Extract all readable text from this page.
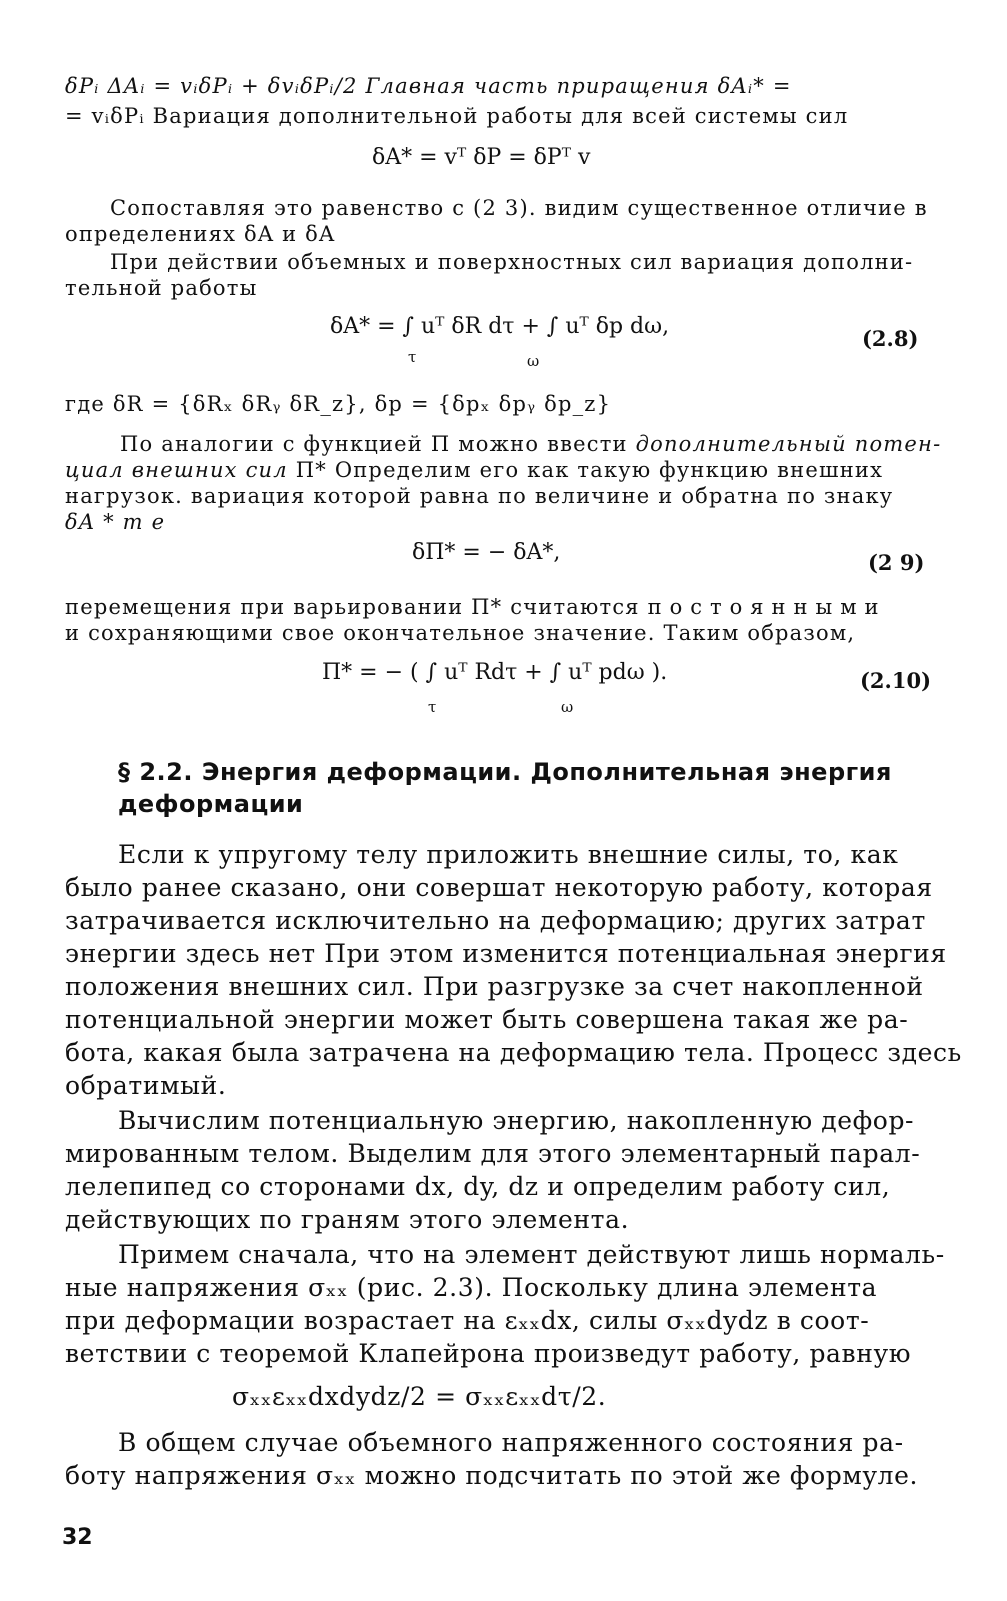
δPᵢ ΔAᵢ = vᵢδPᵢ + δvᵢδPᵢ/2 Главная часть приращения δAᵢ* =
= vᵢδPᵢ Вариация дополнительной работы для всей системы сил
δA* = vᵀ δP = δPᵀ v
Сопоставляя это равенство с (2 3). видим существенное отличие в
определениях δA и δA
При действии объемных и поверхностных сил вариация дополни-
тельной работы
δA* = ∫ uᵀ δR dτ + ∫ uᵀ δp dω,
τ	ω
(2.8)
где δR = {δRₓ δRᵧ δR_z}, δp = {δpₓ δpᵧ δp_z}
По аналогии с функцией П можно ввести дополнительный потен-
циал внешних сил П* Определим его как такую функцию внешних
нагрузок. вариация которой равна по величине и обратна по знаку
δA * т е
δП* = − δA*,	(2 9)
перемещения при варьировании П* считаются постоянными
и сохраняющими свое окончательное значение. Таким образом,
П* = − ( ∫ uᵀ Rdτ + ∫ uᵀ pdω ).
τ	ω
(2.10)
§ 2.2. Энергия деформации. Дополнительная энергия
деформации
Если к упругому телу приложить внешние силы, то, как
было ранее сказано, они совершат некоторую работу, которая
затрачивается исключительно на деформацию; других затрат
энергии здесь нет При этом изменится потенциальная энергия
положения внешних сил. При разгрузке за счет накопленной
потенциальной энергии может быть совершена такая же ра-
бота, какая была затрачена на деформацию тела. Процесс здесь
обратимый.
Вычислим потенциальную энергию, накопленную дефор-
мированным телом. Выделим для этого элементарный парал-
лелепипед со сторонами dx, dy, dz и определим работу сил,
действующих по граням этого элемента.
Примем сначала, что на элемент действуют лишь нормаль-
ные напряжения σₓₓ (рис. 2.3). Поскольку длина элемента
при деформации возрастает на εₓₓdx, силы σₓₓdydz в соот-
ветствии с теоремой Клапейрона произведут работу, равную
σₓₓεₓₓdxdydz/2 = σₓₓεₓₓdτ/2.
В общем случае объемного напряженного состояния ра-
боту напряжения σₓₓ можно подсчитать по этой же формуле.
32
